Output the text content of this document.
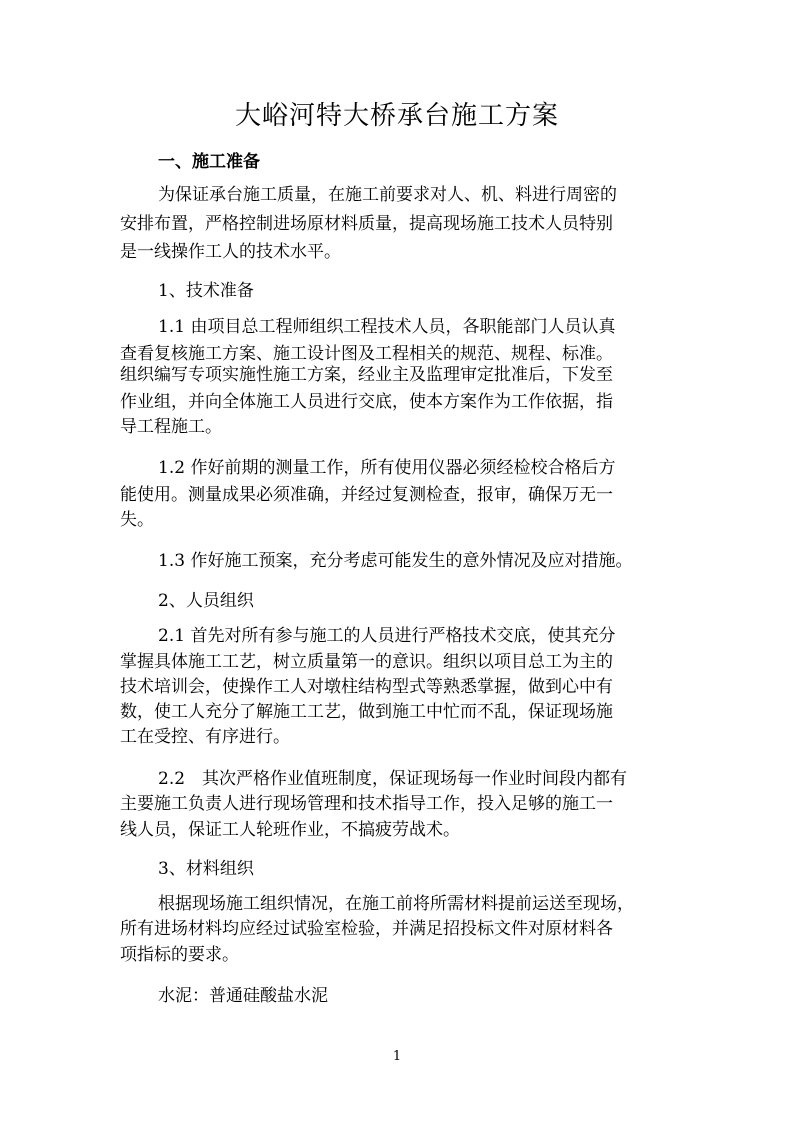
大峪河特大桥承台施工方案
一、施工准备
为保证承台施工质量，在施工前要求对人、机、料进行周密的
安排布置，严格控制进场原材料质量，提高现场施工技术人员特别
是一线操作工人的技术水平。
1、技术准备
1.1 由项目总工程师组织工程技术人员，各职能部门人员认真
查看复核施工方案、施工设计图及工程相关的规范、规程、标准。
组织编写专项实施性施工方案，经业主及监理审定批准后，下发至
作业组，并向全体施工人员进行交底，使本方案作为工作依据，指
导工程施工。
1.2 作好前期的测量工作，所有使用仪器必须经检校合格后方
能使用。测量成果必须准确，并经过复测检查，报审，确保万无一
失。
1.3 作好施工预案，充分考虑可能发生的意外情况及应对措施。
2、人员组织
2.1 首先对所有参与施工的人员进行严格技术交底，使其充分
掌握具体施工工艺，树立质量第一的意识。组织以项目总工为主的
技术培训会，使操作工人对墩柱结构型式等熟悉掌握，做到心中有
数，使工人充分了解施工工艺，做到施工中忙而不乱，保证现场施
工在受控、有序进行。
2.2　其次严格作业值班制度，保证现场每一作业时间段内都有
主要施工负责人进行现场管理和技术指导工作，投入足够的施工一
线人员，保证工人轮班作业，不搞疲劳战术。
3、材料组织
根据现场施工组织情况，在施工前将所需材料提前运送至现场，
所有进场材料均应经过试验室检验，并满足招投标文件对原材料各
项指标的要求。
水泥：普通硅酸盐水泥
1
